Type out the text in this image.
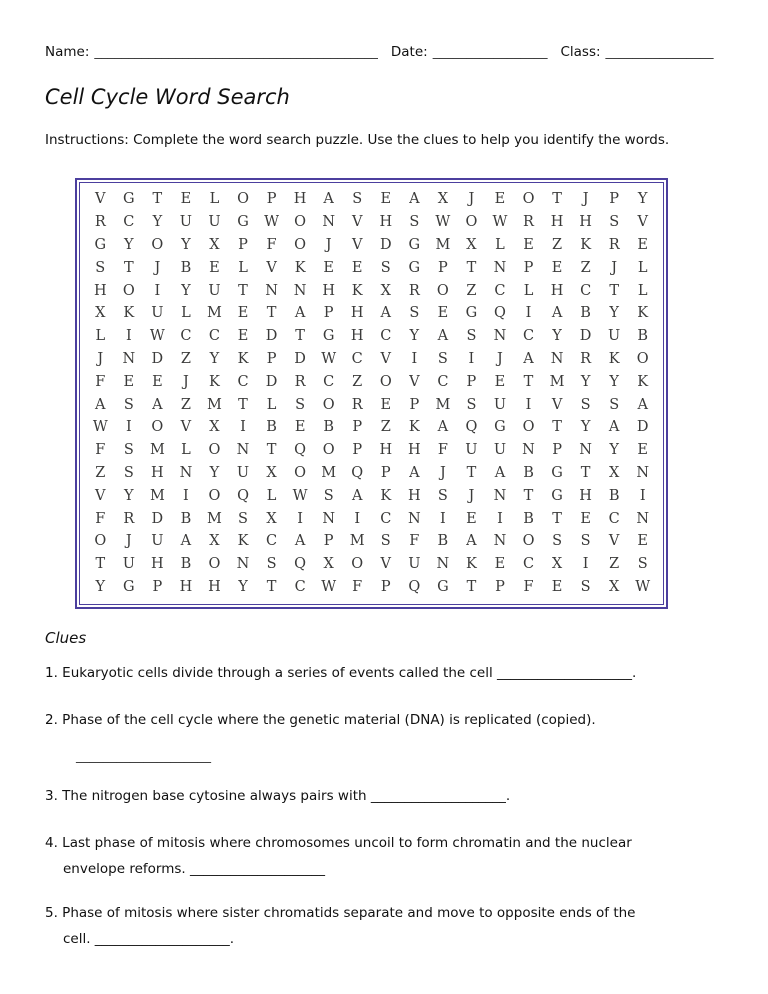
Name: __________________________________________ Date: _________________ Class: ________________
Cell Cycle Word Search

Instructions: Complete the word search puzzle. Use the clues to help you identify the words.

V	G	T	E	L	O	P	H	A	S	E	A	X	J	E	O	T	J	P	Y
R	C	Y	U	U	G	W	O	N	V	H	S	W	O	W	R	H	H	S	V
G	Y	O	Y	X	P	F	O	J	V	D	G	M	X	L	E	Z	K	R	E
S	T	J	B	E	L	V	K	E	E	S	G	P	T	N	P	E	Z	J	L
H	O	I	Y	U	T	N	N	H	K	X	R	O	Z	C	L	H	C	T	L
X	K	U	L	M	E	T	A	P	H	A	S	E	G	Q	I	A	B	Y	K
L	I	W	C	C	E	D	T	G	H	C	Y	A	S	N	C	Y	D	U	B
J	N	D	Z	Y	K	P	D	W	C	V	I	S	I	J	A	N	R	K	O
F	E	E	J	K	C	D	R	C	Z	O	V	C	P	E	T	M	Y	Y	K
A	S	A	Z	M	T	L	S	O	R	E	P	M	S	U	I	V	S	S	A
W	I	O	V	X	I	B	E	B	P	Z	K	A	Q	G	O	T	Y	A	D
F	S	M	L	O	N	T	Q	O	P	H	H	F	U	U	N	P	N	Y	E
Z	S	H	N	Y	U	X	O	M	Q	P	A	J	T	A	B	G	T	X	N
V	Y	M	I	O	Q	L	W	S	A	K	H	S	J	N	T	G	H	B	I
F	R	D	B	M	S	X	I	N	I	C	N	I	E	I	B	T	E	C	N
O	J	U	A	X	K	C	A	P	M	S	F	B	A	N	O	S	S	V	E
T	U	H	B	O	N	S	Q	X	O	V	U	N	K	E	C	X	I	Z	S
Y	G	P	H	H	Y	T	C	W	F	P	Q	G	T	P	F	E	S	X	W
Clues
1. Eukaryotic cells divide through a series of events called the cell ____________________.
2. Phase of the cell cycle where the genetic material (DNA) is replicated (copied).
____________________
3. The nitrogen base cytosine always pairs with ____________________.
4. Last phase of mitosis where chromosomes uncoil to form chromatin and the nuclear
envelope reforms. ____________________
5. Phase of mitosis where sister chromatids separate and move to opposite ends of the
cell. ____________________.
